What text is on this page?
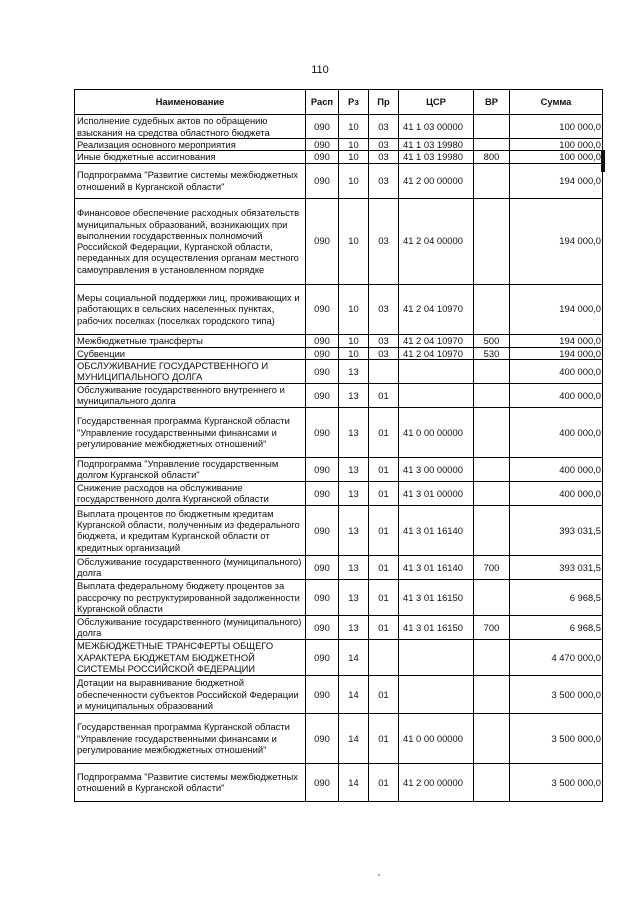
110
Наименование	Расп	Рз	Пр	ЦСР	ВР	Сумма
Исполнение судебных актов по обращению взыскания на средства областного бюджета	090	10	03	41 1 03 00000		100 000,0
Реализация основного мероприятия	090	10	03	41 1 03 19980		100 000,0
Иные бюджетные ассигнования	090	10	03	41 1 03 19980	800	100 000,0
Подпрограмма "Развитие системы межбюджетных отношений в Курганской области"	090	10	03	41 2 00 00000		194 000,0
Финансовое обеспечение расходных обязательств муниципальных образований, возникающих при выполнении государственных полномочий Российской Федерации, Курганской области, переданных для осуществления органам местного самоуправления в установленном порядке	090	10	03	41 2 04 00000		194 000,0
Меры социальной поддержки лиц, проживающих и работающих в сельских населенных пунктах, рабочих поселках (поселках городского типа)	090	10	03	41 2 04 10970		194 000,0
Межбюджетные трансферты	090	10	03	41 2 04 10970	500	194 000,0
Субвенции	090	10	03	41 2 04 10970	530	194 000,0
ОБСЛУЖИВАНИЕ ГОСУДАРСТВЕННОГО И МУНИЦИПАЛЬНОГО ДОЛГА	090	13				400 000,0
Обслуживание государственного внутреннего и муниципального долга	090	13	01			400 000,0
Государственная программа Курганской области "Управление государственными финансами и регулирование межбюджетных отношений"	090	13	01	41 0 00 00000		400 000,0
Подпрограмма "Управление государственным долгом Курганской области"	090	13	01	41 3 00 00000		400 000,0
Снижение расходов на обслуживание государственного долга Курганской области	090	13	01	41 3 01 00000		400 000,0
Выплата процентов по бюджетным кредитам Курганской области, полученным из федерального бюджета, и кредитам Курганской области от кредитных организаций	090	13	01	41 3 01 16140		393 031,5
Обслуживание государственного (муниципального) долга	090	13	01	41 3 01 16140	700	393 031,5
Выплата федеральному бюджету процентов за рассрочку по реструктурированной задолженности Курганской области	090	13	01	41 3 01 16150		6 968,5
Обслуживание государственного (муниципального) долга	090	13	01	41 3 01 16150	700	6 968,5
МЕЖБЮДЖЕТНЫЕ ТРАНСФЕРТЫ ОБЩЕГО ХАРАКТЕРА БЮДЖЕТАМ БЮДЖЕТНОЙ СИСТЕМЫ РОССИЙСКОЙ ФЕДЕРАЦИИ	090	14				4 470 000,0
Дотации на выравнивание бюджетной обеспеченности субъектов Российской Федерации и муниципальных образований	090	14	01			3 500 000,0
Государственная программа Курганской области "Управление государственными финансами и регулирование межбюджетных отношений"	090	14	01	41 0 00 00000		3 500 000,0
Подпрограмма "Развитие системы межбюджетных отношений в Курганской области"	090	14	01	41 2 00 00000		3 500 000,0
